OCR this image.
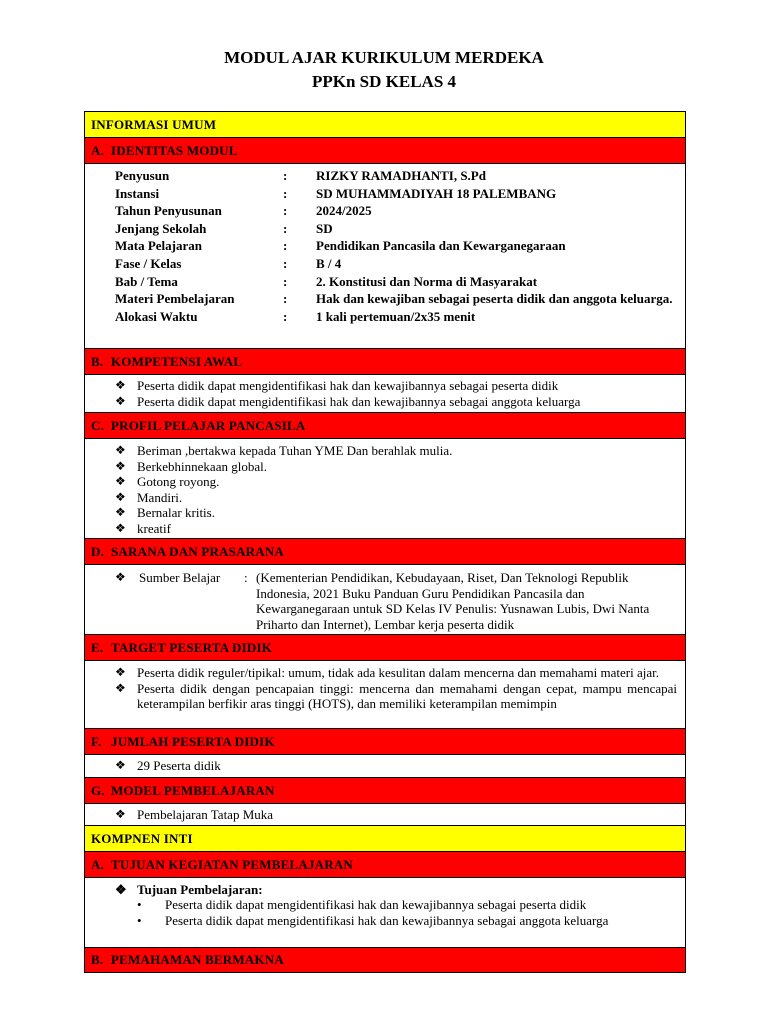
MODUL AJAR KURIKULUM MERDEKA
PPKn SD KELAS 4
INFORMASI UMUM
A. IDENTITAS MODUL
Penyusun	:	RIZKY RAMADHANTI, S.Pd
Instansi	:	SD MUHAMMADIYAH 18 PALEMBANG
Tahun Penyusunan	:	2024/2025
Jenjang Sekolah	:	SD
Mata Pelajaran	:	Pendidikan Pancasila dan Kewarganegaraan
Fase / Kelas	:	B / 4
Bab / Tema	:	2. Konstitusi dan Norma di Masyarakat
Materi Pembelajaran	:	Hak dan kewajiban sebagai peserta didik dan anggota keluarga.
Alokasi Waktu	:	1 kali pertemuan/2x35 menit
B. KOMPETENSI AWAL
❖ Peserta didik dapat mengidentifikasi hak dan kewajibannya sebagai peserta didik
❖ Peserta didik dapat mengidentifikasi hak dan kewajibannya sebagai anggota keluarga
C. PROFIL PELAJAR PANCASILA
❖ Beriman ,bertakwa kepada Tuhan YME Dan berahlak mulia.
❖ Berkebhinnekaan global.
❖ Gotong royong.
❖ Mandiri.
❖ Bernalar kritis.
❖ kreatif
D. SARANA DAN PRASARANA
❖	Sumber Belajar	: (Kementerian Pendidikan, Kebudayaan, Riset, Dan Teknologi Republik Indonesia, 2021 Buku Panduan Guru Pendidikan Pancasila dan Kewarganegaraan untuk SD Kelas IV Penulis: Yusnawan Lubis, Dwi Nanta Priharto dan Internet), Lembar kerja peserta didik
E. TARGET PESERTA DIDIK
❖ Peserta didik reguler/tipikal: umum, tidak ada kesulitan dalam mencerna dan memahami materi ajar.
❖ Peserta didik dengan pencapaian tinggi: mencerna dan memahami dengan cepat, mampu mencapai keterampilan berfikir aras tinggi (HOTS), dan memiliki keterampilan memimpin
F. JUMLAH PESERTA DIDIK
❖ 29 Peserta didik
G. MODEL PEMBELAJARAN
❖ Pembelajaran Tatap Muka
KOMPNEN INTI
A. TUJUAN KEGIATAN PEMBELAJARAN
❖ Tujuan Pembelajaran:
•	Peserta didik dapat mengidentifikasi hak dan kewajibannya sebagai peserta didik
•	Peserta didik dapat mengidentifikasi hak dan kewajibannya sebagai anggota keluarga
B. PEMAHAMAN BERMAKNA
